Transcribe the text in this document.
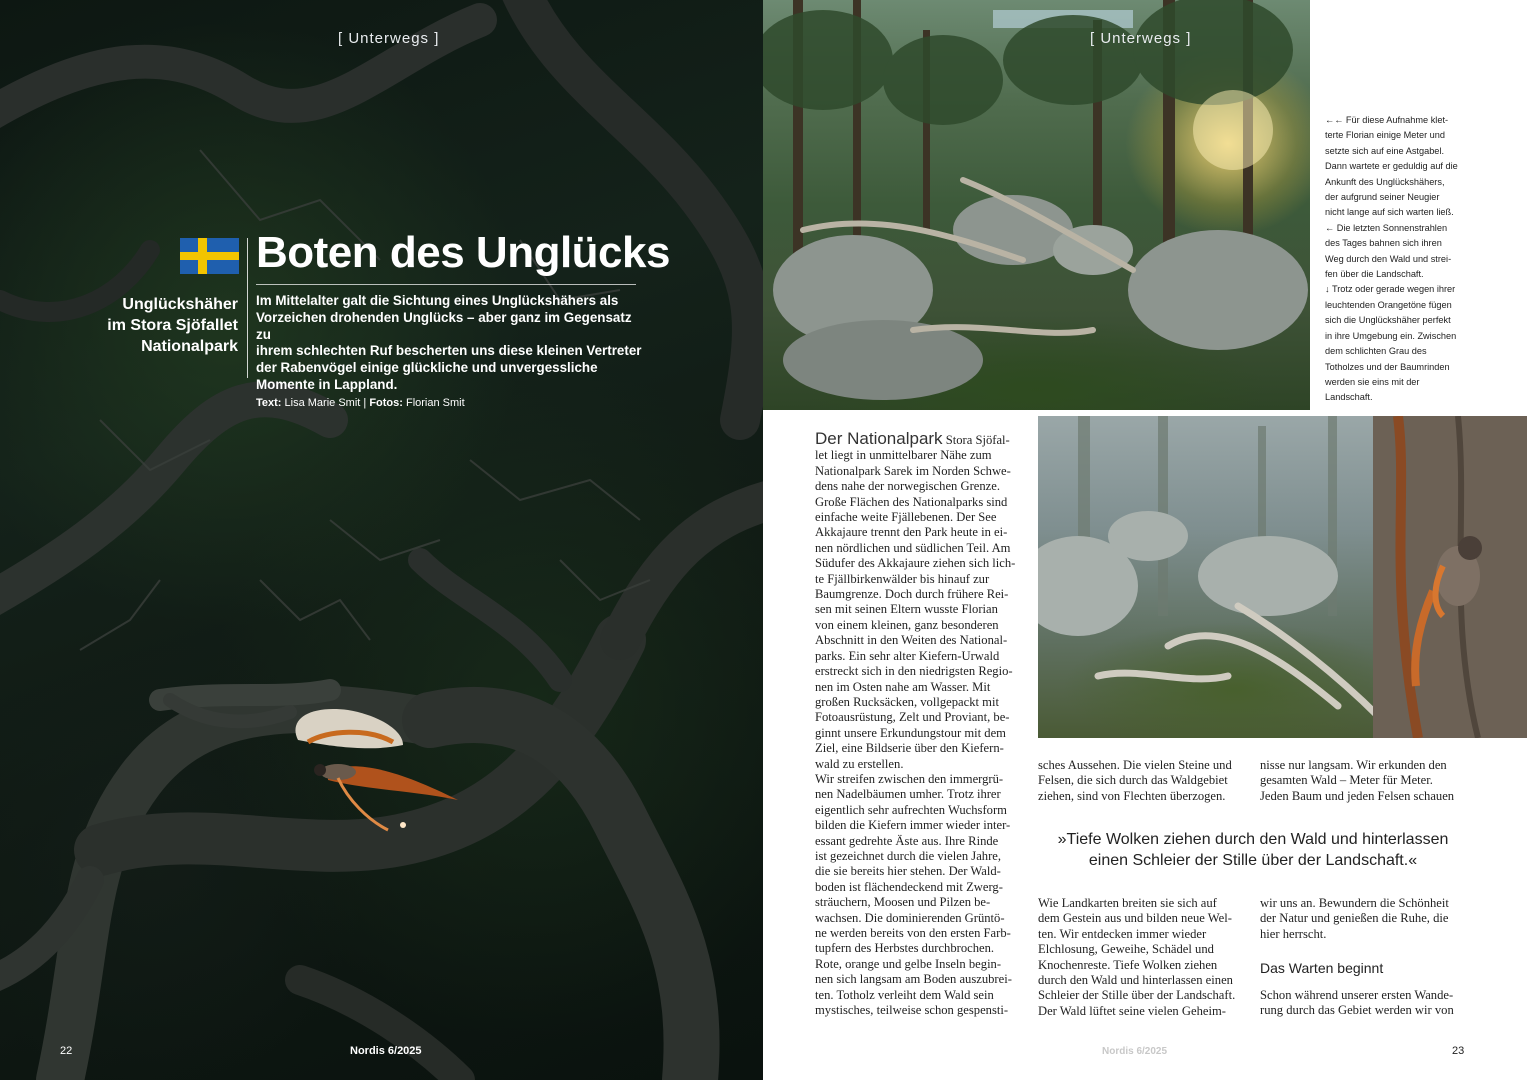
[ Unterwegs ]
Boten des Unglücks
Unglückshäher
im Stora Sjöfallet
Nationalpark
Im Mittelalter galt die Sichtung eines Unglückshähers als
Vorzeichen drohenden Unglücks – aber ganz im Gegensatz zu
ihrem schlechten Ruf bescherten uns diese kleinen Vertreter
der Rabenvögel einige glückliche und unvergessliche
Momente in Lappland.
Text: Lisa Marie Smit | Fotos: Florian Smit
22	Nordis 6/2025
[ Unterwegs ]
←← Für diese Aufnahme klet-
terte Florian einige Meter und
setzte sich auf eine Astgabel.
Dann wartete er geduldig auf die
Ankunft des Unglückshähers,
der aufgrund seiner Neugier
nicht lange auf sich warten ließ.
← Die letzten Sonnenstrahlen
des Tages bahnen sich ihren
Weg durch den Wald und strei-
fen über die Landschaft.
↓ Trotz oder gerade wegen ihrer
leuchtenden Orangetöne fügen
sich die Unglückshäher perfekt
in ihre Umgebung ein. Zwischen
dem schlichten Grau des
Totholzes und der Baumrinden
werden sie eins mit der
Landschaft.
Der Nationalpark Stora Sjöfal-
let liegt in unmittelbarer Nähe zum
Nationalpark Sarek im Norden Schwe-
dens nahe der norwegischen Grenze.
Große Flächen des Nationalparks sind
einfache weite Fjällebenen. Der See
Akkajaure trennt den Park heute in ei-
nen nördlichen und südlichen Teil. Am
Südufer des Akkajaure ziehen sich lich-
te Fjällbirkenwälder bis hinauf zur
Baumgrenze. Doch durch frühere Rei-
sen mit seinen Eltern wusste Florian
von einem kleinen, ganz besonderen
Abschnitt in den Weiten des National-
parks. Ein sehr alter Kiefern-Urwald
erstreckt sich in den niedrigsten Regio-
nen im Osten nahe am Wasser. Mit
großen Rucksäcken, vollgepackt mit
Fotoausrüstung, Zelt und Proviant, be-
ginnt unsere Erkundungstour mit dem
Ziel, eine Bildserie über den Kiefern-
wald zu erstellen.
Wir streifen zwischen den immergrü-
nen Nadelbäumen umher. Trotz ihrer
eigentlich sehr aufrechten Wuchsform
bilden die Kiefern immer wieder inter-
essant gedrehte Äste aus. Ihre Rinde
ist gezeichnet durch die vielen Jahre,
die sie bereits hier stehen. Der Wald-
boden ist flächendeckend mit Zwerg-
sträuchern, Moosen und Pilzen be-
wachsen. Die dominierenden Grüntö-
ne werden bereits von den ersten Farb-
tupfern des Herbstes durchbrochen.
Rote, orange und gelbe Inseln begin-
nen sich langsam am Boden auszubrei-
ten. Totholz verleiht dem Wald sein
mystisches, teilweise schon gespensti-
sches Aussehen. Die vielen Steine und
Felsen, die sich durch das Waldgebiet
ziehen, sind von Flechten überzogen.
nisse nur langsam. Wir erkunden den
gesamten Wald – Meter für Meter.
Jeden Baum und jeden Felsen schauen
»Tiefe Wolken ziehen durch den Wald und hinterlassen
einen Schleier der Stille über der Landschaft.«
Wie Landkarten breiten sie sich auf
dem Gestein aus und bilden neue Wel-
ten. Wir entdecken immer wieder
Elchlosung, Geweihe, Schädel und
Knochenreste. Tiefe Wolken ziehen
durch den Wald und hinterlassen einen
Schleier der Stille über der Landschaft.
Der Wald lüftet seine vielen Geheim-
wir uns an. Bewundern die Schönheit
der Natur und genießen die Ruhe, die
hier herrscht.
Das Warten beginnt
Schon während unserer ersten Wande-
rung durch das Gebiet werden wir von
Nordis 6/2025	23
